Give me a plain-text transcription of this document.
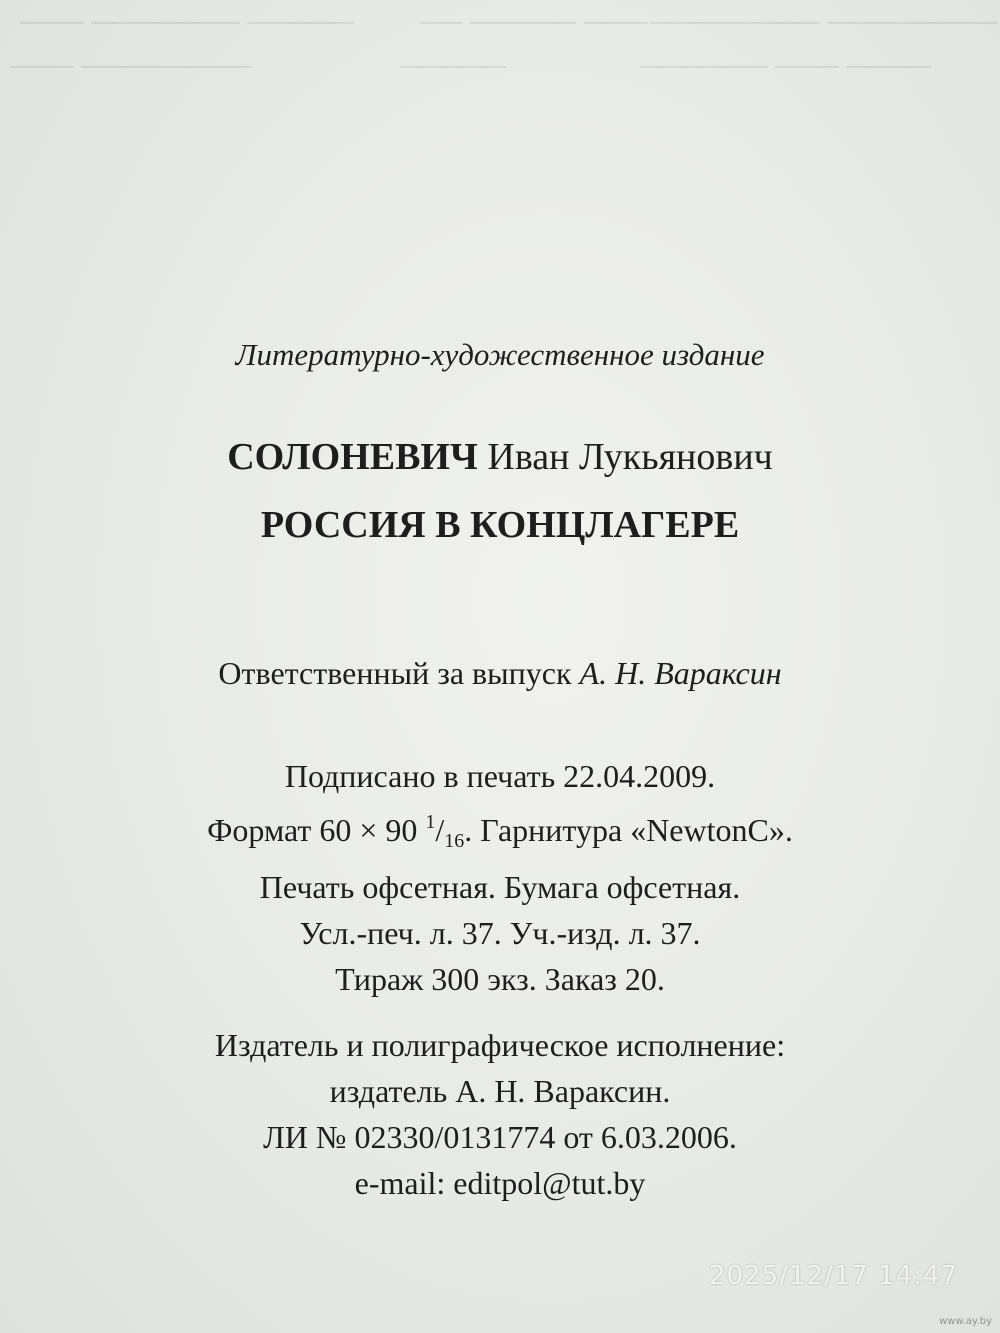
───── ─────── ─── ─── ───── ── ──────── ────────
──────── ───	──── ─── ──────
─────
Литературно-художественное издание
СОЛОНЕВИЧ Иван Лукьянович
РОССИЯ В КОНЦЛАГЕРЕ
Ответственный за выпуск А. Н. Вараксин
Подписано в печать 22.04.2009.
Формат 60 × 90 $^1/_{16}$. Гарнитура «NewtonC».
Печать офсетная. Бумага офсетная.
Усл.-печ. л. 37. Уч.-изд. л. 37.
Тираж 300 экз. Заказ 20.
Издатель и полиграфическое исполнение:
издатель А. Н. Вараксин.
ЛИ № 02330/0131774 от 6.03.2006.
e-mail: editpol@tut.by
2025/12/17 14:47
www.ay.by
